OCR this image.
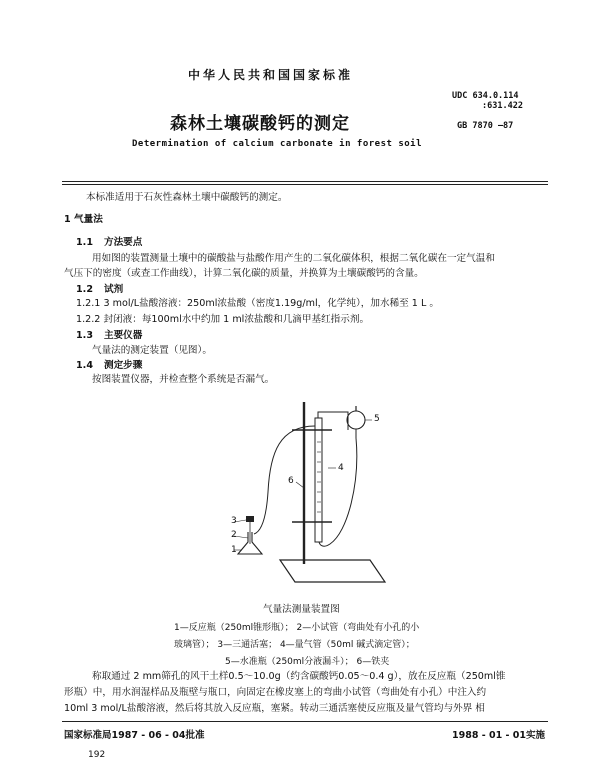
中华人民共和国国家标准
UDC 634.0.114
:631.422
森林土壤碳酸钙的测定	GB 7870 —87
Determination of calcium carbonate in forest soil
本标准适用于石灰性森林土壤中碳酸钙的测定。
1 气量法
1.1 方法要点
用如图的装置测量土壤中的碳酸盐与盐酸作用产生的二氧化碳体积，根据二氧化碳在一定气温和
气压下的密度（或查工作曲线），计算二氧化碳的质量，并换算为土壤碳酸钙的含量。
1.2 试剂
1.2.1 3 mol/L盐酸溶液：250ml浓盐酸（密度1.19g/ml，化学纯），加水稀至 1 L 。
1.2.2 封闭液：每100ml水中约加 1 ml浓盐酸和几滴甲基红指示剂。
1.3 主要仪器
气量法的测定装置（见图）。
1.4 测定步骤
按图装置仪器，并检查整个系统是否漏气。
3
2
1
4
5
6
气量法测量装置图
1—反应瓶（250ml锥形瓶）； 2—小试管（弯曲处有小孔的小
玻璃管）； 3—三通活塞； 4—量气管（50ml 碱式滴定管）；
5—水准瓶（250ml分液漏斗）； 6—铁夹
称取通过 2 mm筛孔的风干土样0.5～10.0g（约含碳酸钙0.05～0.4 g），放在反应瓶（250ml锥
形瓶）中，用水润湿样品及瓶壁与瓶口，向固定在橡皮塞上的弯曲小试管（弯曲处有小孔）中注入约
10ml 3 mol/L盐酸溶液，然后将其放入反应瓶，塞紧。转动三通活塞使反应瓶及量气管均与外界 相
国家标准局1987 - 06 - 04批准	1988 - 01 - 01实施
192
